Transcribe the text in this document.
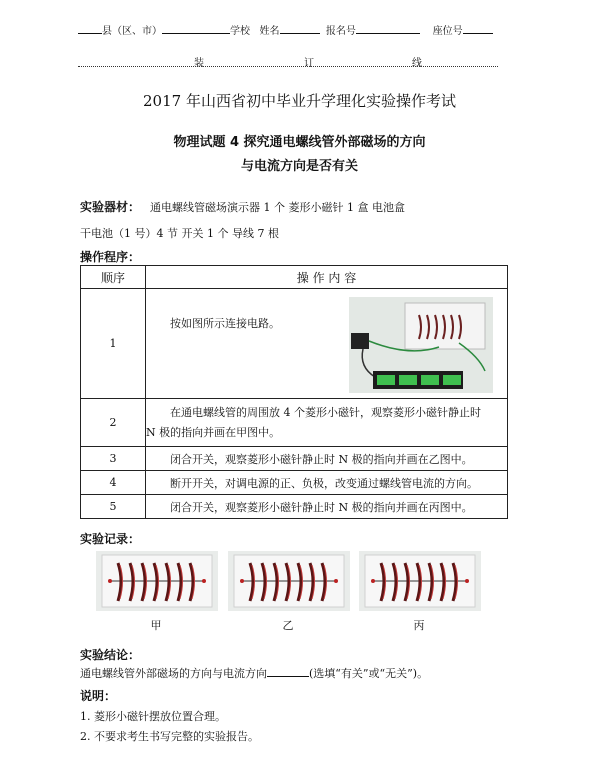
县（区、市）	学校 姓名	报名号	座位号
装	订	线
2017 年山西省初中毕业升学理化实验操作考试
物理试题 4 探究通电螺线管外部磁场的方向
与电流方向是否有关
实验器材： 通电螺线管磁场演示器 1 个 菱形小磁针 1 盒 电池盒
干电池（1 号）4 节 开关 1 个 导线 7 根
操作程序：
顺序	操 作 内 容
1	按如图所示连接电路。

2	在通电螺线管的周围放 4 个菱形小磁针，观察菱形小磁针静止时
N 极的指向并画在甲图中。

3	闭合开关，观察菱形小磁针静止时 N 极的指向并画在乙图中。
4	断开开关，对调电源的正、负极，改变通过螺线管电流的方向。
5	闭合开关，观察菱形小磁针静止时 N 极的指向并画在丙图中。
实验记录：
甲	乙	丙
实验结论：
通电螺线管外部磁场的方向与电流方向	(选填“有关”或“无关”)。
说明：
1. 菱形小磁针摆放位置合理。
2. 不要求考生书写完整的实验报告。
